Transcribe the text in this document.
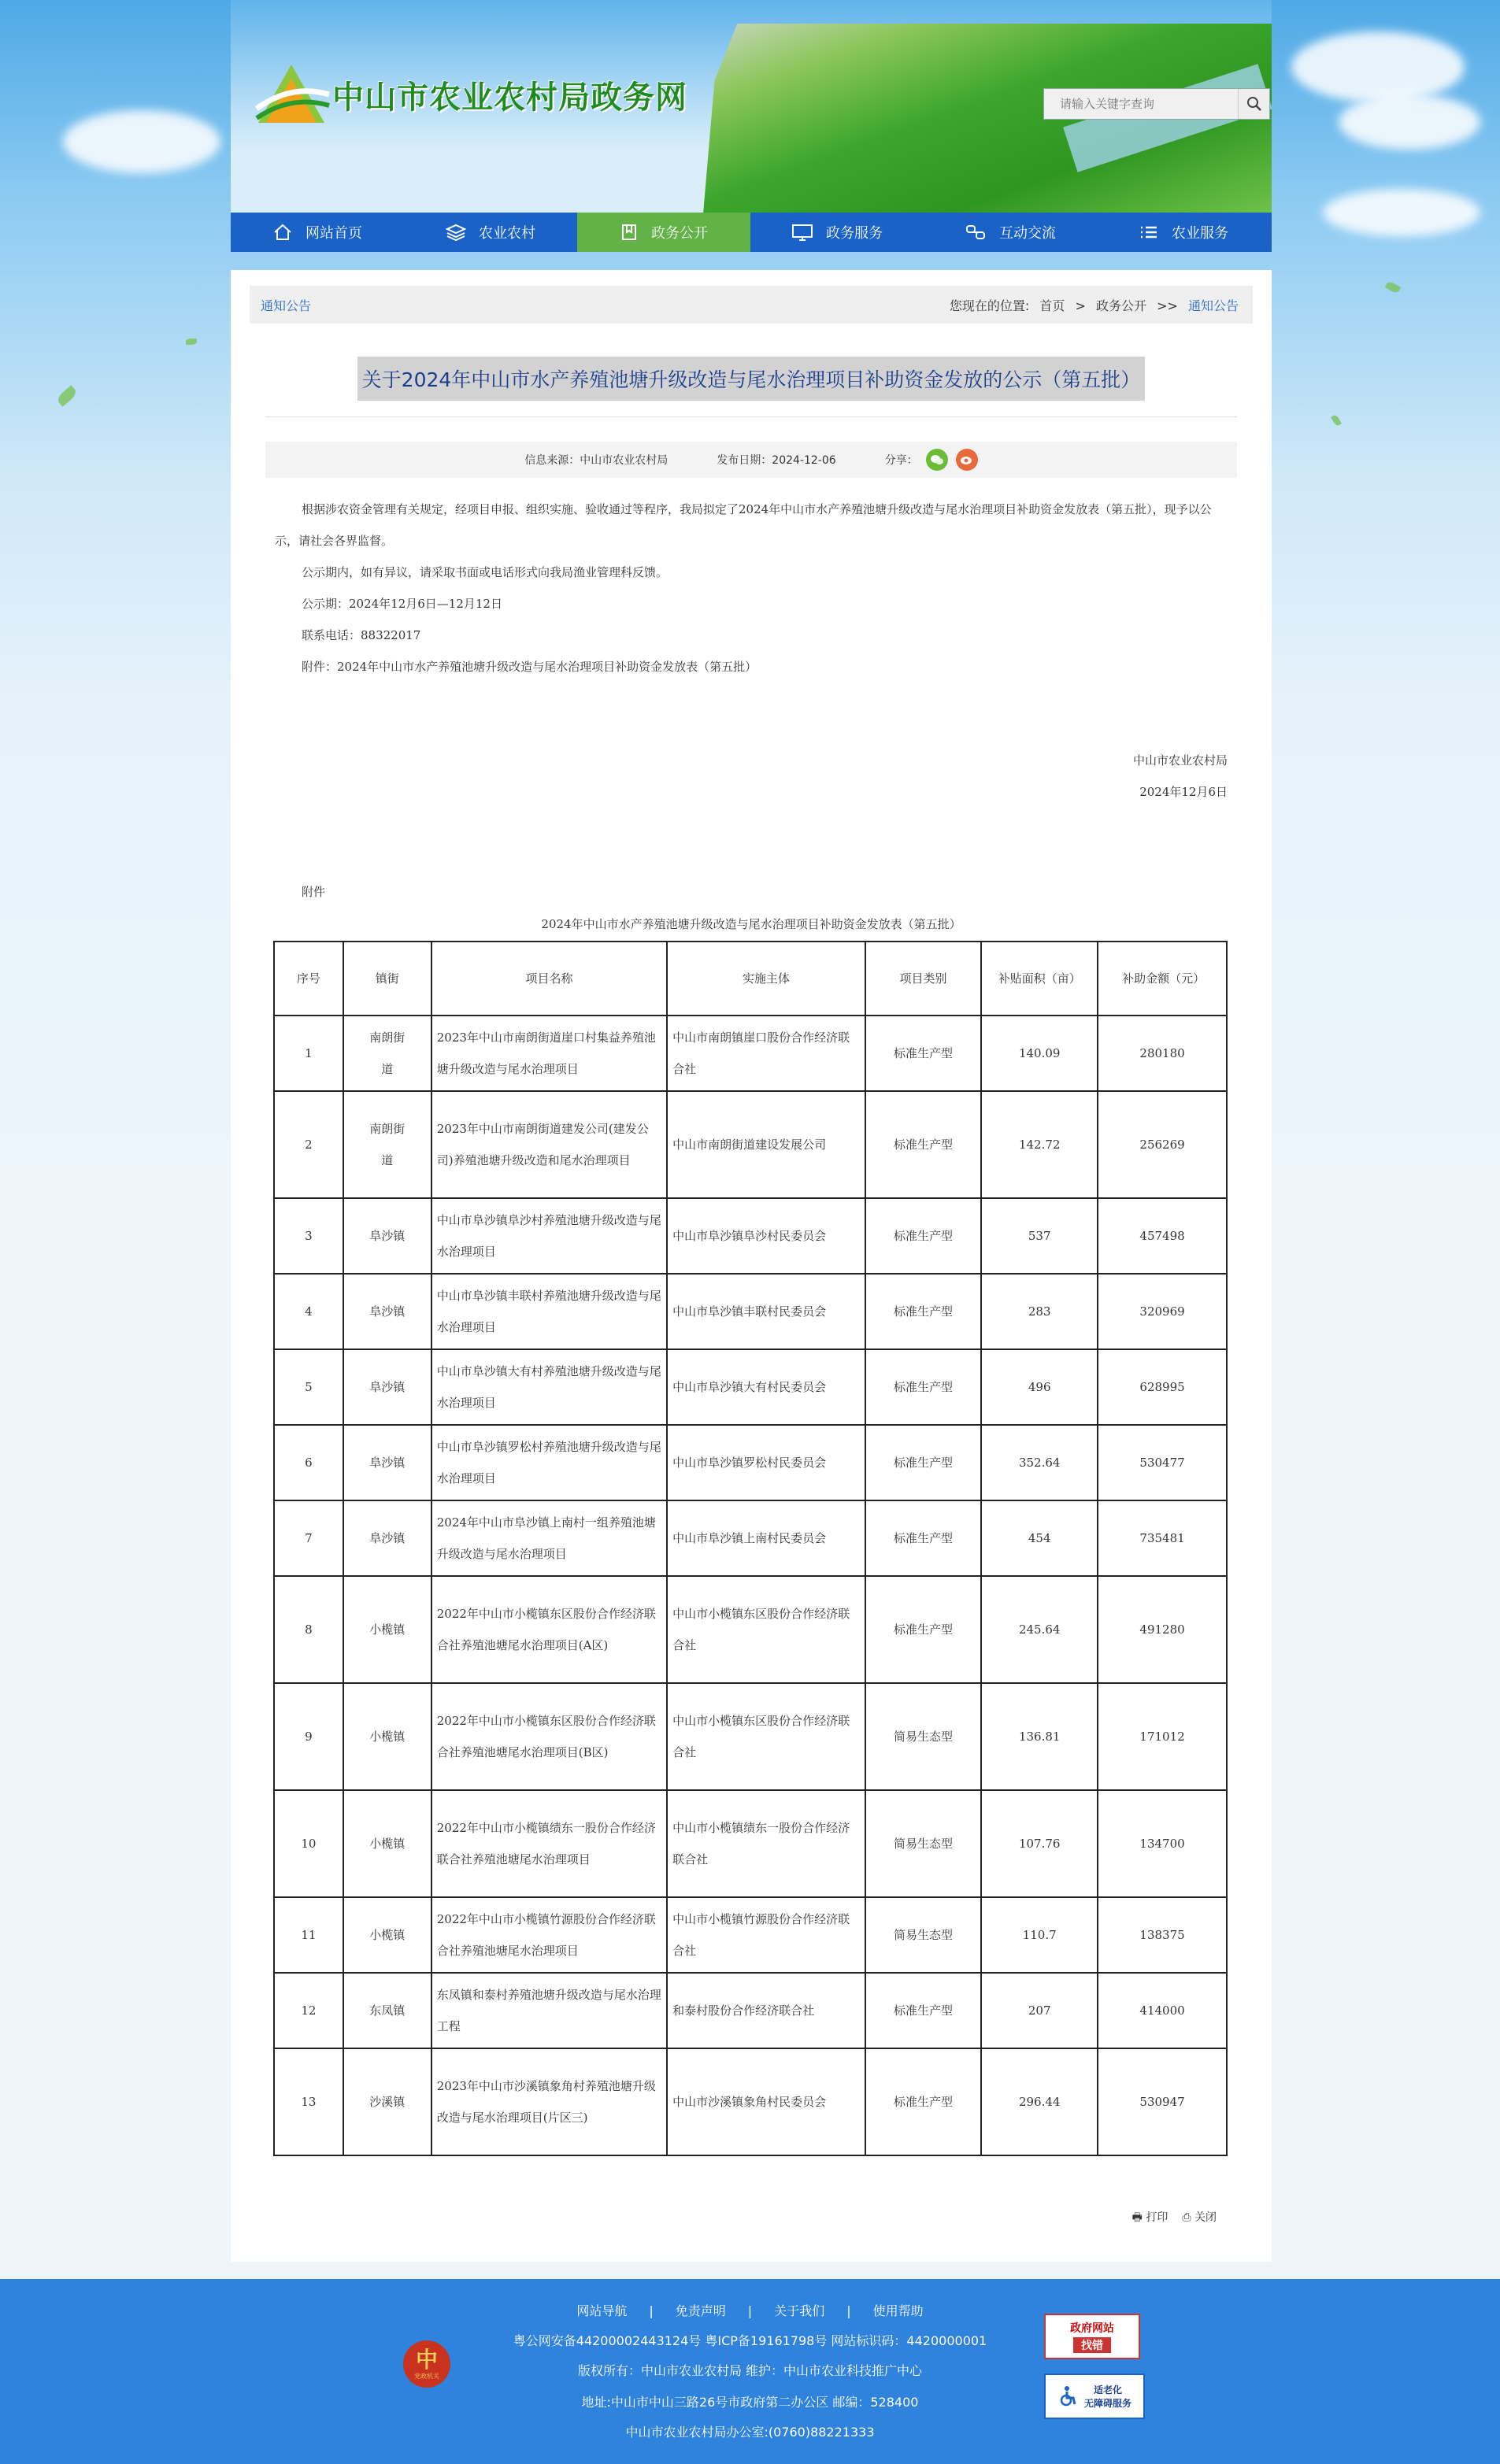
中山市农业农村局政务网
请输入关键字查询
网站首页	农业农村	政务公开	政务服务	互动交流	农业服务
通知公告	您现在的位置: 首页 > 政务公开 >> 通知公告
关于2024年中山市水产养殖池塘升级改造与尾水治理项目补助资金发放的公示（第五批）
信息来源：中山市农业农村局	发布日期：2024-12-06	分享：

根据涉农资金管理有关规定，经项目申报、组织实施、验收通过等程序，我局拟定了2024年中山市水产养殖池塘升级改造与尾水治理项目补助资金发放表（第五批），现予以公示，请社会各界监督。

公示期内，如有异议，请采取书面或电话形式向我局渔业管理科反馈。

公示期：2024年12月6日—12月12日

联系电话：88322017

附件：2024年中山市水产养殖池塘升级改造与尾水治理项目补助资金发放表（第五批）

附件

中山市农业农村局
2024年12月6日
2024年中山市水产养殖池塘升级改造与尾水治理项目补助资金发放表（第五批）
序号	镇街	项目名称	实施主体	项目类别	补贴面积（亩）	补助金额（元）
1	南朗街道	2023年中山市南朗街道崖口村集益养殖池塘升级改造与尾水治理项目	中山市南朗镇崖口股份合作经济联合社	标准生产型	140.09	280180
2	南朗街道	2023年中山市南朗街道建发公司(建发公司)养殖池塘升级改造和尾水治理项目	中山市南朗街道建设发展公司	标准生产型	142.72	256269
3	阜沙镇	中山市阜沙镇阜沙村养殖池塘升级改造与尾水治理项目	中山市阜沙镇阜沙村民委员会	标准生产型	537	457498
4	阜沙镇	中山市阜沙镇丰联村养殖池塘升级改造与尾水治理项目	中山市阜沙镇丰联村民委员会	标准生产型	283	320969
5	阜沙镇	中山市阜沙镇大有村养殖池塘升级改造与尾水治理项目	中山市阜沙镇大有村民委员会	标准生产型	496	628995
6	阜沙镇	中山市阜沙镇罗松村养殖池塘升级改造与尾水治理项目	中山市阜沙镇罗松村民委员会	标准生产型	352.64	530477
7	阜沙镇	2024年中山市阜沙镇上南村一组养殖池塘升级改造与尾水治理项目	中山市阜沙镇上南村民委员会	标准生产型	454	735481
8	小榄镇	2022年中山市小榄镇东区股份合作经济联合社养殖池塘尾水治理项目(A区)	中山市小榄镇东区股份合作经济联合社	标准生产型	245.64	491280
9	小榄镇	2022年中山市小榄镇东区股份合作经济联合社养殖池塘尾水治理项目(B区)	中山市小榄镇东区股份合作经济联合社	简易生态型	136.81	171012
10	小榄镇	2022年中山市小榄镇绩东一股份合作经济联合社养殖池塘尾水治理项目	中山市小榄镇绩东一股份合作经济联合社	简易生态型	107.76	134700
11	小榄镇	2022年中山市小榄镇竹源股份合作经济联合社养殖池塘尾水治理项目	中山市小榄镇竹源股份合作经济联合社	简易生态型	110.7	138375
12	东凤镇	东凤镇和泰村养殖池塘升级改造与尾水治理工程	和泰村股份合作经济联合社	标准生产型	207	414000
13	沙溪镇	2023年中山市沙溪镇象角村养殖池塘升级改造与尾水治理项目(片区三)	中山市沙溪镇象角村民委员会	标准生产型	296.44	530947
🖶 打印 ⎙ 关闭
网站导航 | 免责声明 | 关于我们 | 使用帮助
粤公网安备44200002443124号 粤ICP备19161798号 网站标识码：4420000001
版权所有：中山市农业农村局 维护：中山市农业科技推广中心
地址:中山市中山三路26号市政府第二办公区 邮编：528400
中山市农业农村局办公室:(0760)88221333
中
党政机关
政府网站
找错
适老化
无障碍服务
